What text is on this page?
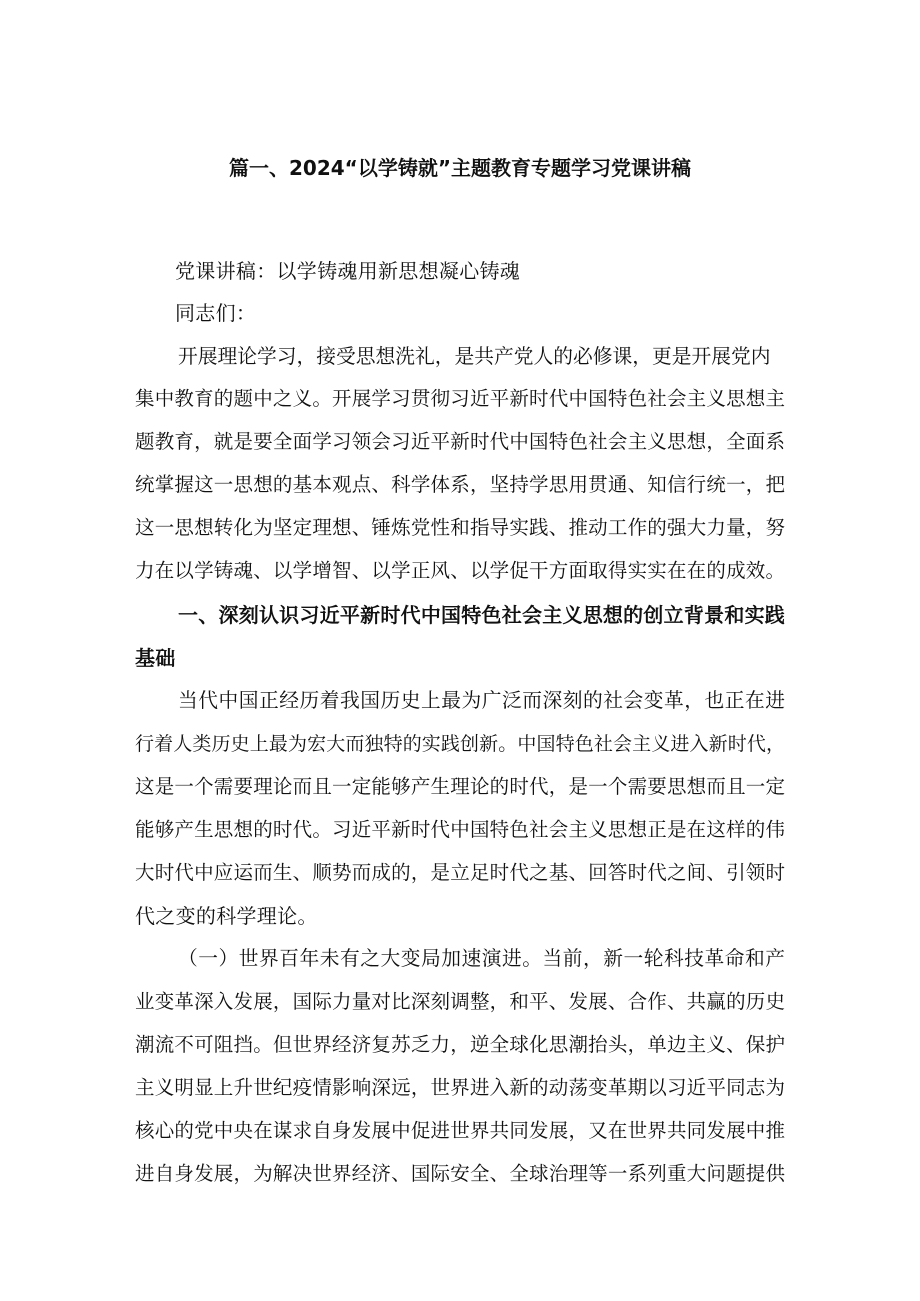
篇一、2024“以学铸就”主题教育专题学习党课讲稿
党课讲稿：以学铸魂用新思想凝心铸魂
同志们：
开展理论学习，接受思想洗礼，是共产党人的必修课，更是开展党内
集中教育的题中之义。开展学习贯彻习近平新时代中国特色社会主义思想主
题教育，就是要全面学习领会习近平新时代中国特色社会主义思想，全面系
统掌握这一思想的基本观点、科学体系，坚持学思用贯通、知信行统一，把
这一思想转化为坚定理想、锤炼党性和指导实践、推动工作的强大力量，努
力在以学铸魂、以学增智、以学正风、以学促干方面取得实实在在的成效。
一、深刻认识习近平新时代中国特色社会主义思想的创立背景和实践
基础
当代中国正经历着我国历史上最为广泛而深刻的社会变革，也正在进
行着人类历史上最为宏大而独特的实践创新。中国特色社会主义进入新时代，
这是一个需要理论而且一定能够产生理论的时代，是一个需要思想而且一定
能够产生思想的时代。习近平新时代中国特色社会主义思想正是在这样的伟
大时代中应运而生、顺势而成的，是立足时代之基、回答时代之间、引领时
代之变的科学理论。
（一）世界百年未有之大变局加速演进。当前，新一轮科技革命和产
业变革深入发展，国际力量对比深刻调整，和平、发展、合作、共赢的历史
潮流不可阻挡。但世界经济复苏乏力，逆全球化思潮抬头，单边主义、保护
主义明显上升世纪疫情影响深远，世界进入新的动荡变革期以习近平同志为
核心的党中央在谋求自身发展中促进世界共同发展，又在世界共同发展中推
进自身发展，为解决世界经济、国际安全、全球治理等一系列重大问题提供
